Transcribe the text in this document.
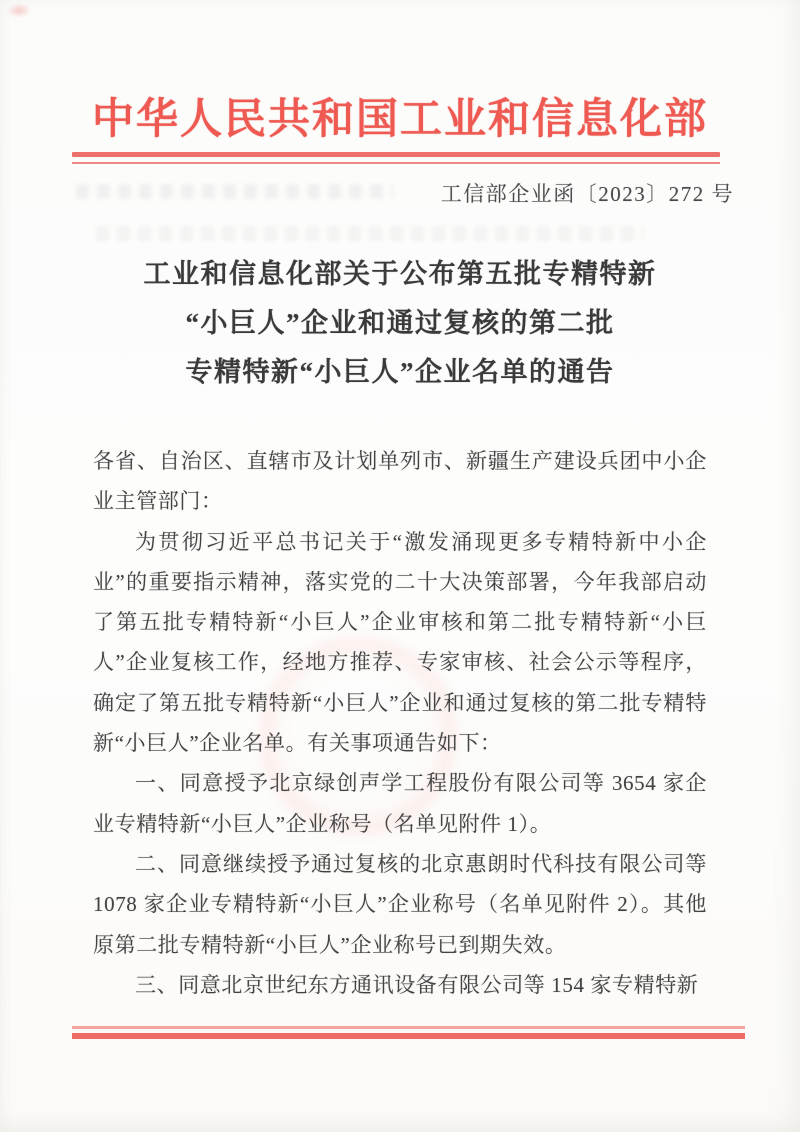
中华人民共和国工业和信息化部
工信部企业函〔2023〕272 号
工业和信息化部关于公布第五批专精特新
“小巨人”企业和通过复核的第二批
专精特新“小巨人”企业名单的通告

各省、自治区、直辖市及计划单列市、新疆生产建设兵团中小企业主管部门：

为贯彻习近平总书记关于“激发涌现更多专精特新中小企业”的重要指示精神，落实党的二十大决策部署，今年我部启动了第五批专精特新“小巨人”企业审核和第二批专精特新“小巨人”企业复核工作，经地方推荐、专家审核、社会公示等程序，确定了第五批专精特新“小巨人”企业和通过复核的第二批专精特新“小巨人”企业名单。有关事项通告如下：

一、同意授予北京绿创声学工程股份有限公司等 3654 家企业专精特新“小巨人”企业称号（名单见附件 1）。

二、同意继续授予通过复核的北京惠朗时代科技有限公司等 1078 家企业专精特新“小巨人”企业称号（名单见附件 2）。其他原第二批专精特新“小巨人”企业称号已到期失效。

三、同意北京世纪东方通讯设备有限公司等 154 家专精特新
